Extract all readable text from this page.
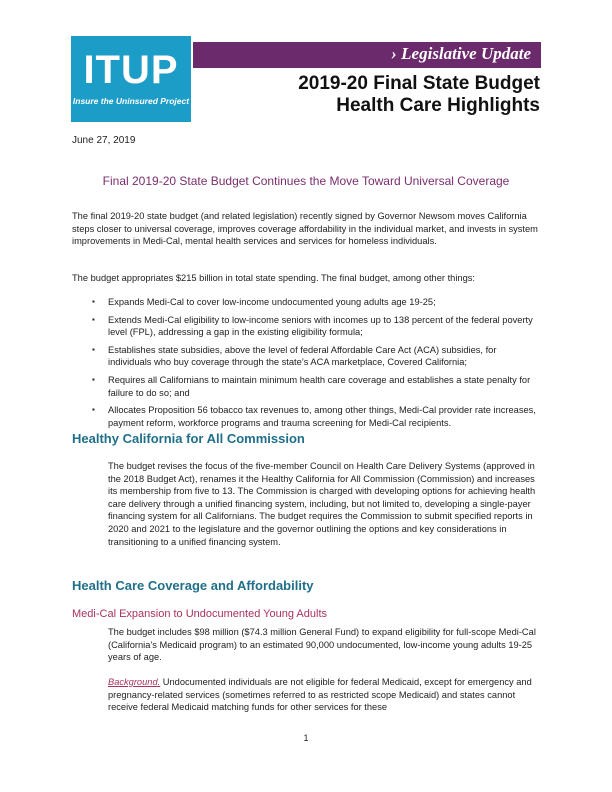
ITUP
Insure the Uninsured Project
› Legislative Update
2019-20 Final State Budget
Health Care Highlights
June 27, 2019
Final 2019-20 State Budget Continues the Move Toward Universal Coverage
The final 2019-20 state budget (and related legislation) recently signed by Governor Newsom moves California steps closer to universal coverage, improves coverage affordability in the individual market, and invests in system improvements in Medi-Cal, mental health services and services for homeless individuals.
The budget appropriates $215 billion in total state spending. The final budget, among other things:
▪ Expands Medi-Cal to cover low-income undocumented young adults age 19-25;
▪ Extends Medi-Cal eligibility to low-income seniors with incomes up to 138 percent of the federal poverty level (FPL), addressing a gap in the existing eligibility formula;
▪ Establishes state subsidies, above the level of federal Affordable Care Act (ACA) subsidies, for individuals who buy coverage through the state’s ACA marketplace, Covered California;
▪ Requires all Californians to maintain minimum health care coverage and establishes a state penalty for failure to do so; and
▪ Allocates Proposition 56 tobacco tax revenues to, among other things, Medi-Cal provider rate increases, payment reform, workforce programs and trauma screening for Medi-Cal recipients.
Healthy California for All Commission
The budget revises the focus of the five-member Council on Health Care Delivery Systems (approved in the 2018 Budget Act), renames it the Healthy California for All Commission (Commission) and increases its membership from five to 13. The Commission is charged with developing options for achieving health care delivery through a unified financing system, including, but not limited to, developing a single-payer financing system for all Californians. The budget requires the Commission to submit specified reports in 2020 and 2021 to the legislature and the governor outlining the options and key considerations in transitioning to a unified financing system.
Health Care Coverage and Affordability
Medi-Cal Expansion to Undocumented Young Adults
The budget includes $98 million ($74.3 million General Fund) to expand eligibility for full-scope Medi-Cal (California’s Medicaid program) to an estimated 90,000 undocumented, low-income young adults 19-25 years of age.
Background. Undocumented individuals are not eligible for federal Medicaid, except for emergency and pregnancy-related services (sometimes referred to as restricted scope Medicaid) and states cannot receive federal Medicaid matching funds for other services for these
1
